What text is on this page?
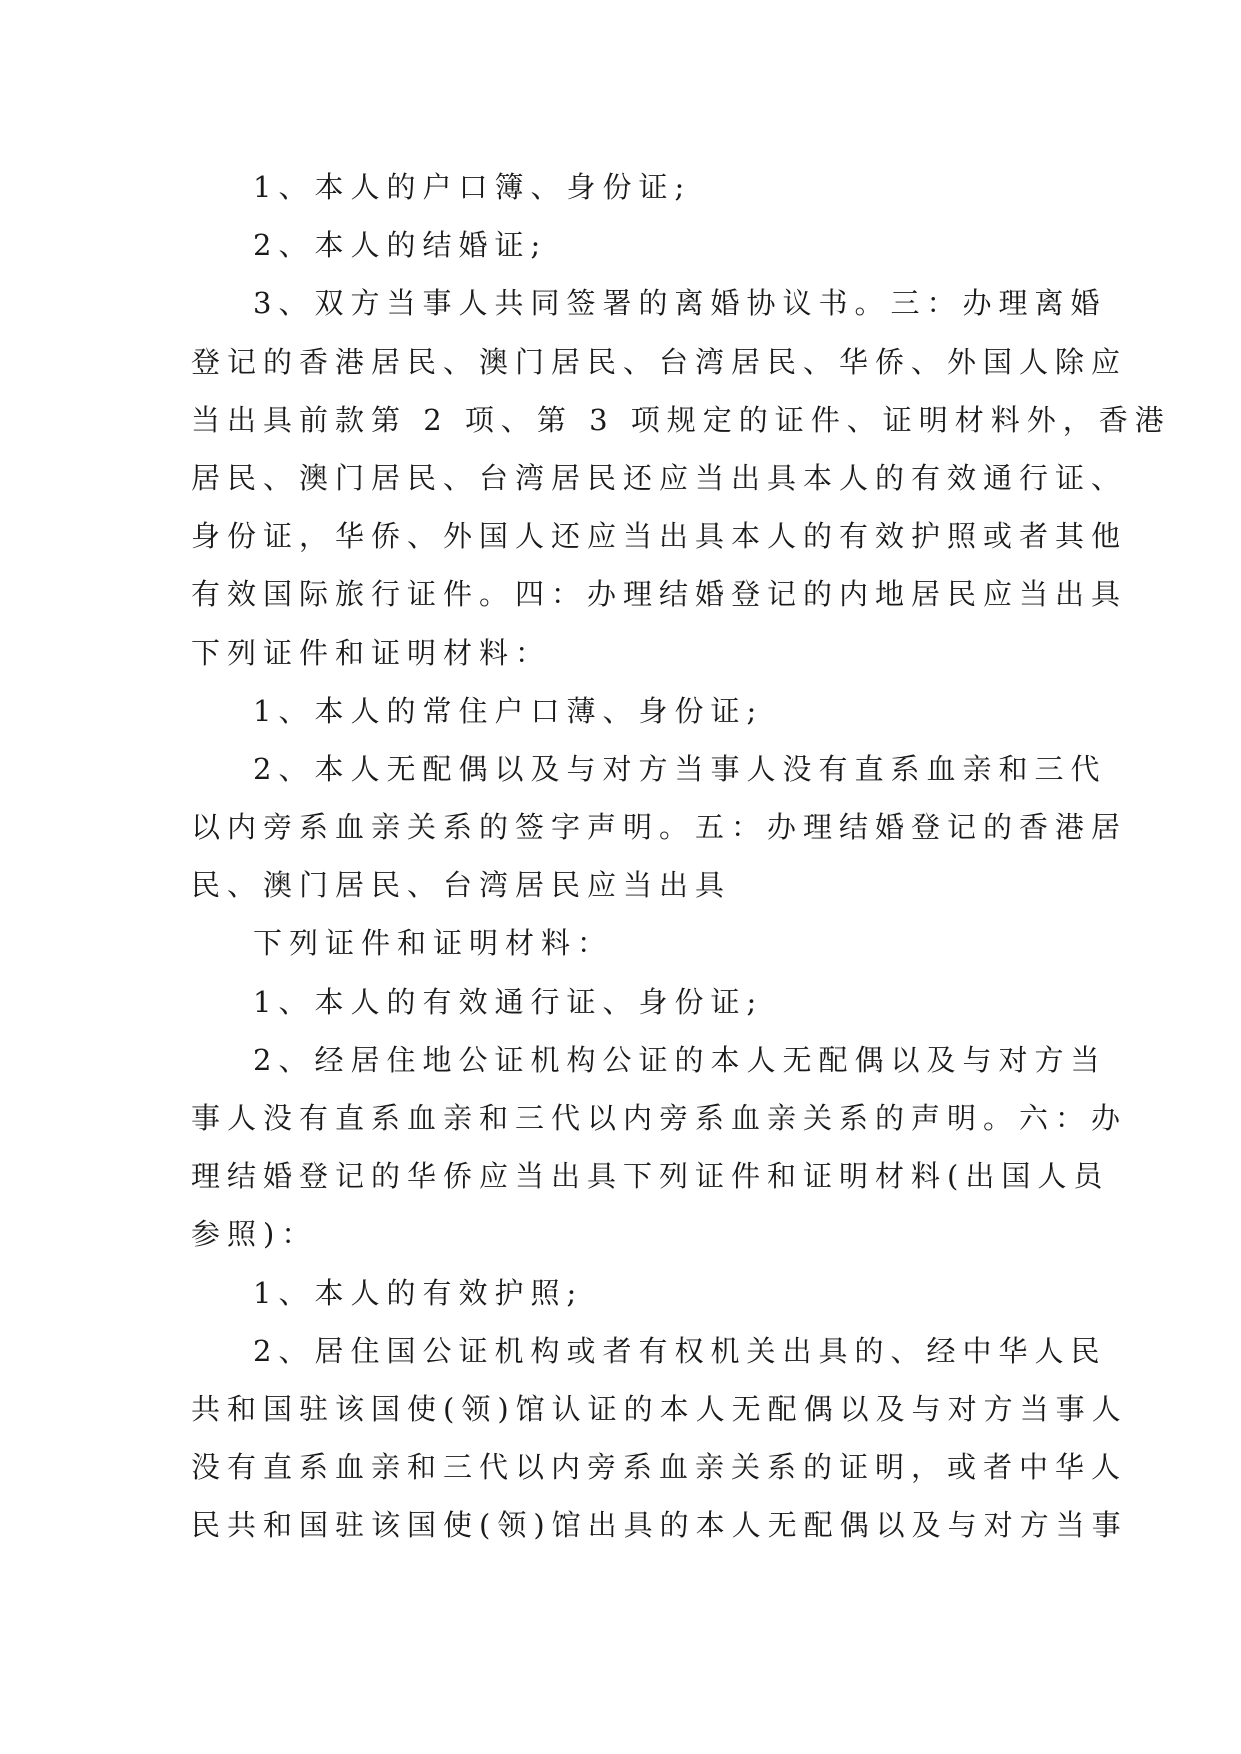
1、本人的户口簿、身份证;
2、本人的结婚证;
3、双方当事人共同签署的离婚协议书。三：办理离婚
登记的香港居民、澳门居民、台湾居民、华侨、外国人除应
当出具前款第 2 项、第 3 项规定的证件、证明材料外，香港
居民、澳门居民、台湾居民还应当出具本人的有效通行证、
身份证，华侨、外国人还应当出具本人的有效护照或者其他
有效国际旅行证件。四：办理结婚登记的内地居民应当出具
下列证件和证明材料：
1、本人的常住户口薄、身份证;
2、本人无配偶以及与对方当事人没有直系血亲和三代
以内旁系血亲关系的签字声明。五：办理结婚登记的香港居
民、澳门居民、台湾居民应当出具
下列证件和证明材料：
1、本人的有效通行证、身份证;
2、经居住地公证机构公证的本人无配偶以及与对方当
事人没有直系血亲和三代以内旁系血亲关系的声明。六：办
理结婚登记的华侨应当出具下列证件和证明材料(出国人员
参照)：
1、本人的有效护照;
2、居住国公证机构或者有权机关出具的、经中华人民
共和国驻该国使(领)馆认证的本人无配偶以及与对方当事人
没有直系血亲和三代以内旁系血亲关系的证明，或者中华人
民共和国驻该国使(领)馆出具的本人无配偶以及与对方当事
